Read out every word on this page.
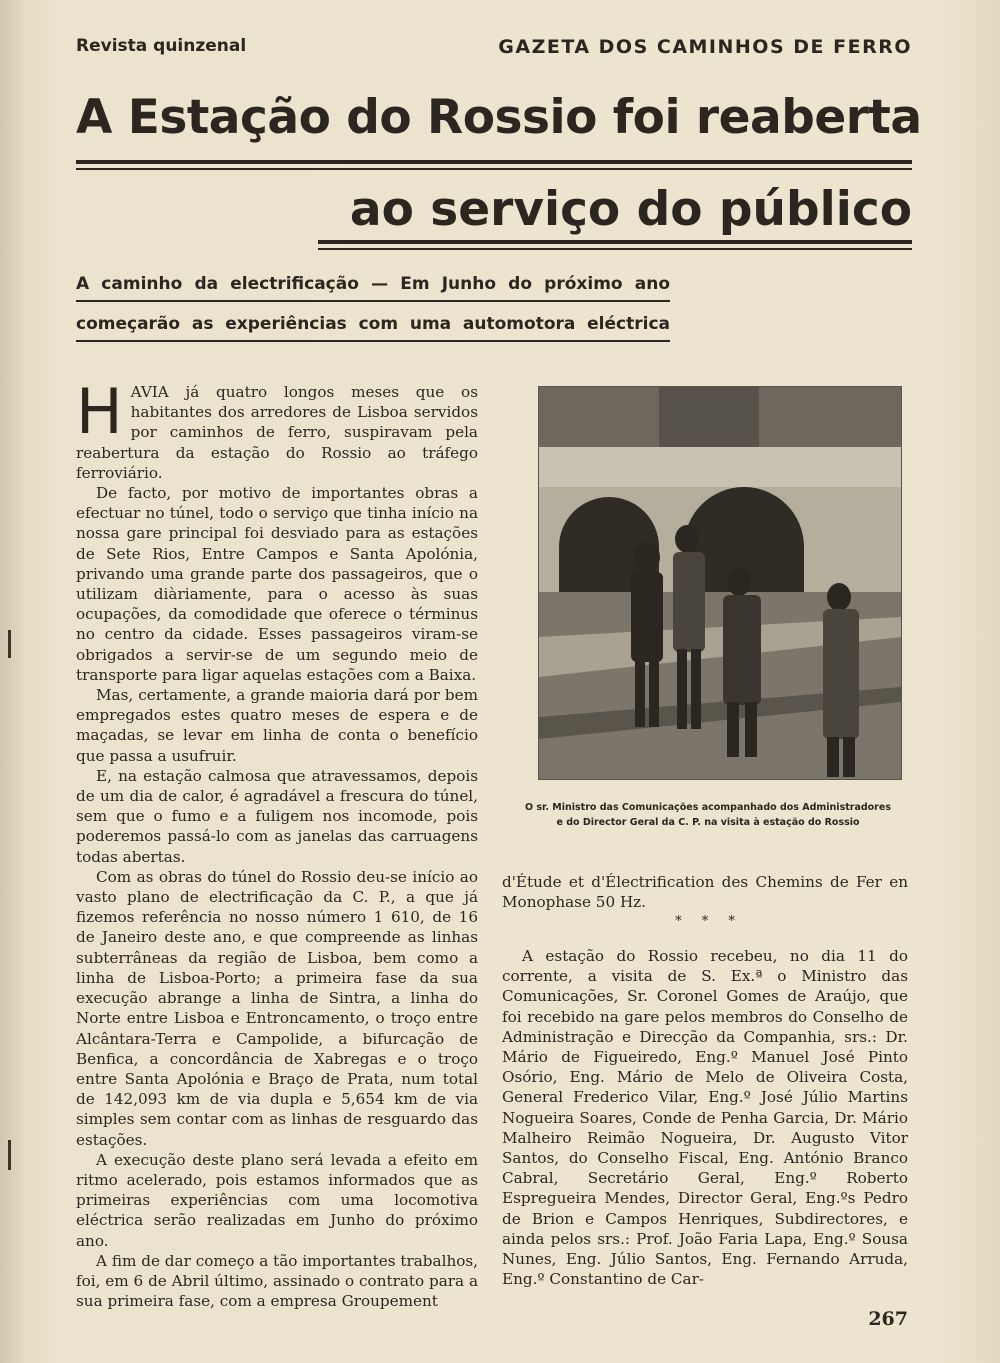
Revista quinzenal	GAZETA DOS CAMINHOS DE FERRO
A Estação do Rossio foi reaberta
ao serviço do público
A caminho da electrificação — Em Junho do próximo ano
começarão as experiências com uma automotora eléctrica

HAVIA já quatro longos meses que os habitantes dos arredores de Lisboa servidos por caminhos de ferro, suspiravam pela reabertura da estação do Rossio ao tráfego ferroviário.

De facto, por motivo de importantes obras a efectuar no túnel, todo o serviço que tinha início na nossa gare principal foi desviado para as estações de Sete Rios, Entre Campos e Santa Apolónia, privando uma grande parte dos passageiros, que o utilizam diàriamente, para o acesso às suas ocupações, da comodidade que oferece o términus no centro da cidade. Esses passageiros viram-se obrigados a servir-se de um segundo meio de transporte para ligar aquelas estações com a Baixa.

Mas, certamente, a grande maioria dará por bem empregados estes quatro meses de espera e de maçadas, se levar em linha de conta o benefício que passa a usufruir.

E, na estação calmosa que atravessamos, depois de um dia de calor, é agradável a frescura do túnel, sem que o fumo e a fuligem nos incomode, pois poderemos passá-lo com as janelas das carruagens todas abertas.

Com as obras do túnel do Rossio deu-se início ao vasto plano de electrificação da C. P., a que já fizemos referência no nosso número 1 610, de 16 de Janeiro deste ano, e que compreende as linhas subterrâneas da região de Lisboa, bem como a linha de Lisboa-Porto; a primeira fase da sua execução abrange a linha de Sintra, a linha do Norte entre Lisboa e Entroncamento, o troço entre Alcântara-Terra e Campolide, a bifurcação de Benfica, a concordância de Xabregas e o troço entre Santa Apolónia e Braço de Prata, num total de 142,093 km de via dupla e 5,654 km de via simples sem contar com as linhas de resguardo das estações.

A execução deste plano será levada a efeito em ritmo acelerado, pois estamos informados que as primeiras experiências com uma locomotiva eléctrica serão realizadas em Junho do próximo ano.

A fim de dar começo a tão importantes trabalhos, foi, em 6 de Abril último, assinado o contrato para a sua primeira fase, com a empresa Groupement

O sr. Ministro das Comunicações acompanhado dos Administradores
e do Director Geral da C. P. na visita à estação do Rossio

d'Étude et d'Électrification des Chemins de Fer en Monophase 50 Hz.

* * *

A estação do Rossio recebeu, no dia 11 do corrente, a visita de S. Ex.ª o Ministro das Comunicações, Sr. Coronel Gomes de Araújo, que foi recebido na gare pelos membros do Conselho de Administração e Direcção da Companhia, srs.: Dr. Mário de Figueiredo, Eng.º Manuel José Pinto Osório, Eng. Mário de Melo de Oliveira Costa, General Frederico Vilar, Eng.º José Júlio Martins Nogueira Soares, Conde de Penha Garcia, Dr. Mário Malheiro Reimão Nogueira, Dr. Augusto Vitor Santos, do Conselho Fiscal, Eng. António Branco Cabral, Secretário Geral, Eng.º Roberto Espregueira Mendes, Director Geral, Eng.ºs Pedro de Brion e Campos Henriques, Subdirectores, e ainda pelos srs.: Prof. João Faria Lapa, Eng.º Sousa Nunes, Eng. Júlio Santos, Eng. Fernando Arruda, Eng.º Constantino de Car-

267
